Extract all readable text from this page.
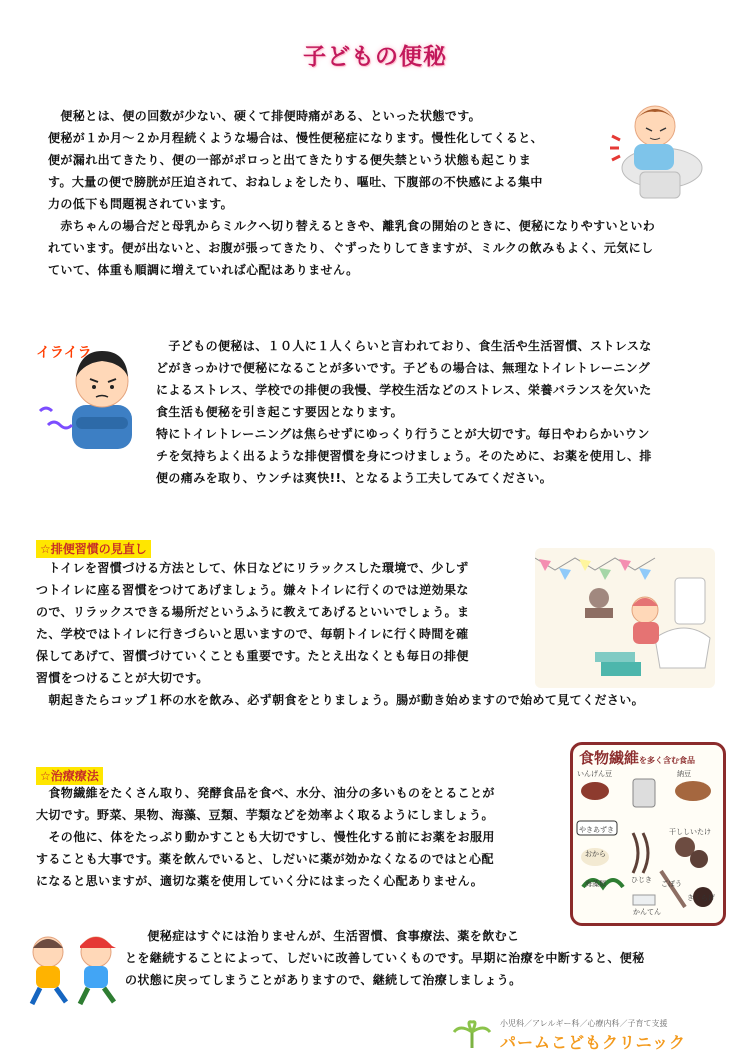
子どもの便秘

　便秘とは、便の回数が少ない、硬くて排便時痛がある、といった状態です。

便秘が１か月～２か月程続くような場合は、慢性便秘症になります。慢性化してくると、

便が漏れ出てきたり、便の一部がポロっと出てきたりする便失禁という状態も起こりま

す。大量の便で膀胱が圧迫されて、おねしょをしたり、嘔吐、下腹部の不快感による集中

力の低下も問題視されています。

　赤ちゃんの場合だと母乳からミルクへ切り替えるときや、離乳食の開始のときに、便秘になりやすいといわ

れています。便が出ないと、お腹が張ってきたり、ぐずったりしてきますが、ミルクの飲みもよく、元気にし

ていて、体重も順調に増えていれば心配はありません。

イライラ	　子どもの便秘は、１０人に１人くらいと言われており、食生活や生活習慣、ストレスな

どがきっかけで便秘になることが多いです。子どもの場合は、無理なトイレトレーニング

によるストレス、学校での排便の我慢、学校生活などのストレス、栄養バランスを欠いた

食生活も便秘を引き起こす要因となります。

特にトイレトレーニングは焦らせずにゆっくり行うことが大切です。毎日やわらかいウン

チを気持ちよく出るような排便習慣を身につけましょう。そのために、お薬を使用し、排

便の痛みを取り、ウンチは爽快!!、となるよう工夫してみてください。

☆排便習慣の見直し

　トイレを習慣づける方法として、休日などにリラックスした環境で、少しず

つトイレに座る習慣をつけてあげましょう。嫌々トイレに行くのでは逆効果な

ので、リラックスできる場所だというふうに教えてあげるといいでしょう。ま

た、学校ではトイレに行きづらいと思いますので、毎朝トイレに行く時間を確

保してあげて、習慣づけていくことも重要です。たとえ出なくとも毎日の排便

習慣をつけることが大切です。

　朝起きたらコップ１杯の水を飲み、必ず朝食をとりましょう。腸が動き始めますので始めて見てください。

☆治療療法

　食物繊維をたくさん取り、発酵食品を食べ、水分、油分の多いものをとることが

大切です。野菜、果物、海藻、豆類、芋類などを効率よく取るようにしましょう。

　その他に、体をたっぷり動かすことも大切ですし、慢性化する前にお薬をお服用

することも大事です。薬を飲んでいると、しだいに薬が効かなくなるのではと心配

になると思いますが、適切な薬を使用していく分にはまったく心配ありません。

食物繊維を多く含む食品
いんげん豆	納豆
やきあずき
おから
干ししいたけ
ひじき
海藻類	ごぼう
きくらげ
かんてん

　便秘症はすぐには治りませんが、生活習慣、食事療法、薬を飲むこ

とを継続することによって、しだいに改善していくものです。早期に治療を中断すると、便秘

の状態に戻ってしまうことがありますので、継続して治療しましょう。

小児科／アレルギー科／心療内科／子育て支援
パームこどもクリニック
